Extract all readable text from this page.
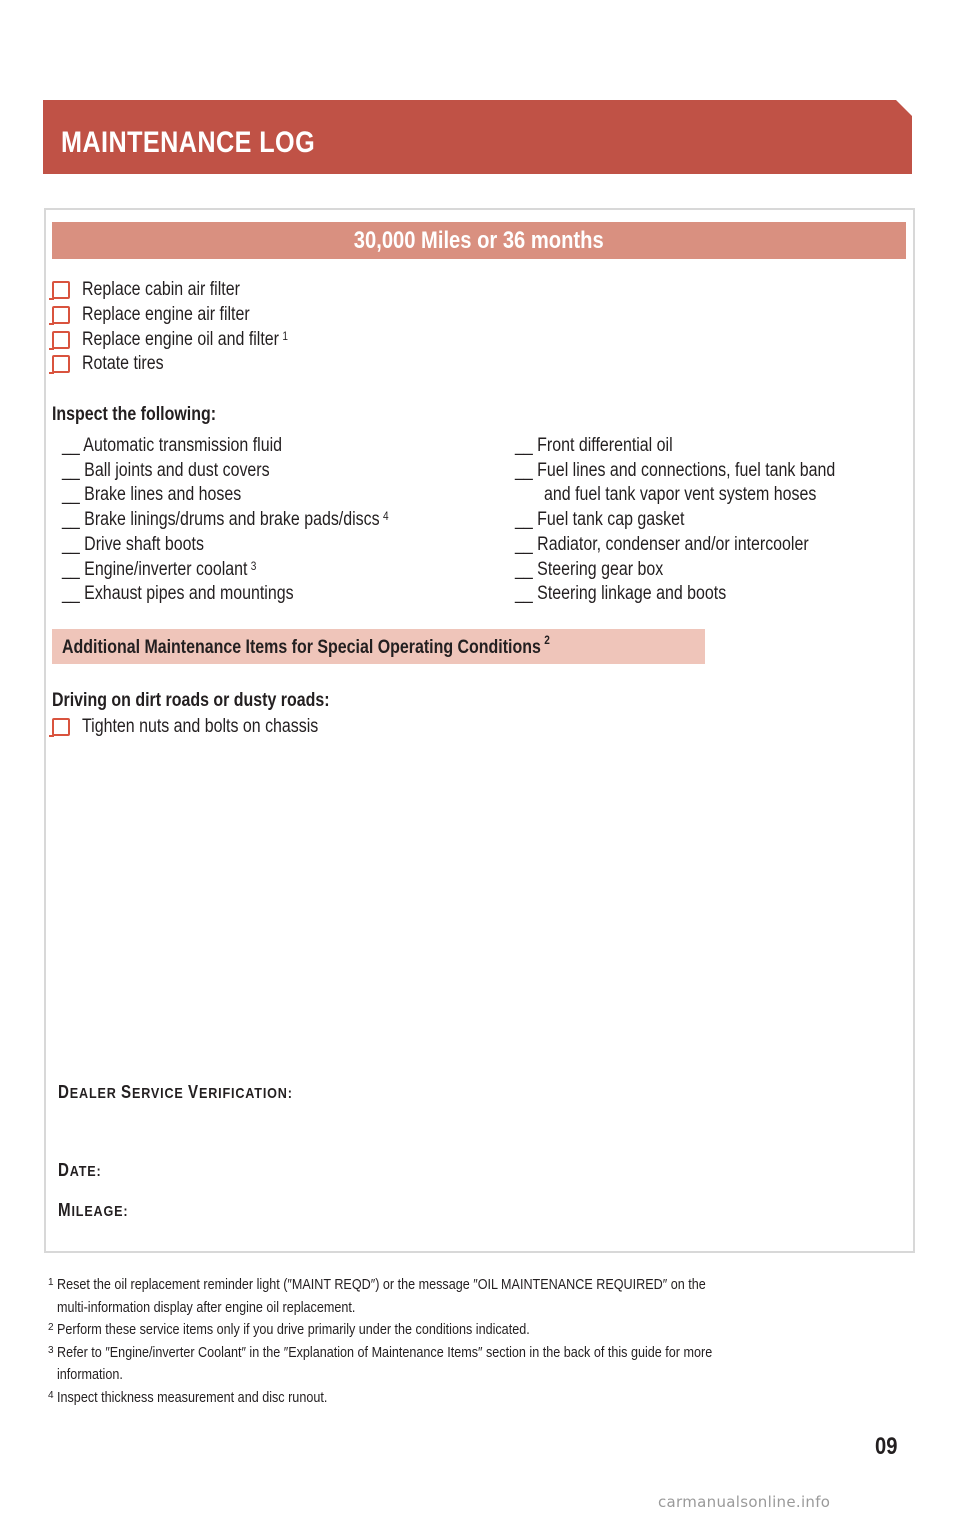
MAINTENANCE LOG
30,000 Miles or 36 months
Replace cabin air filter
Replace engine air filter
Replace engine oil and filter $^1$
Rotate tires
Inspect the following:
__ Automatic transmission fluid
__ Ball joints and dust covers
__ Brake lines and hoses
__ Brake linings/drums and brake pads/discs $^4$
__ Drive shaft boots
__ Engine/inverter coolant $^3$
__ Exhaust pipes and mountings
__ Front differential oil
__ Fuel lines and connections, fuel tank band
and fuel tank vapor vent system hoses
__ Fuel tank cap gasket
__ Radiator, condenser and/or intercooler
__ Steering gear box
__ Steering linkage and boots
Additional Maintenance Items for Special Operating Conditions $^2$
Driving on dirt roads or dusty roads:
Tighten nuts and bolts on chassis
DEALER SERVICE VERIFICATION:
DATE:
MILEAGE:
1 Reset the oil replacement reminder light (″MAINT REQD″) or the message ″OIL MAINTENANCE REQUIRED″ on the
multi-information display after engine oil replacement.
2 Perform these service items only if you drive primarily under the conditions indicated.
3 Refer to ″Engine/inverter Coolant″ in the ″Explanation of Maintenance Items″ section in the back of this guide for more
information.
4 Inspect thickness measurement and disc runout.
09
carmanualsonline.info
